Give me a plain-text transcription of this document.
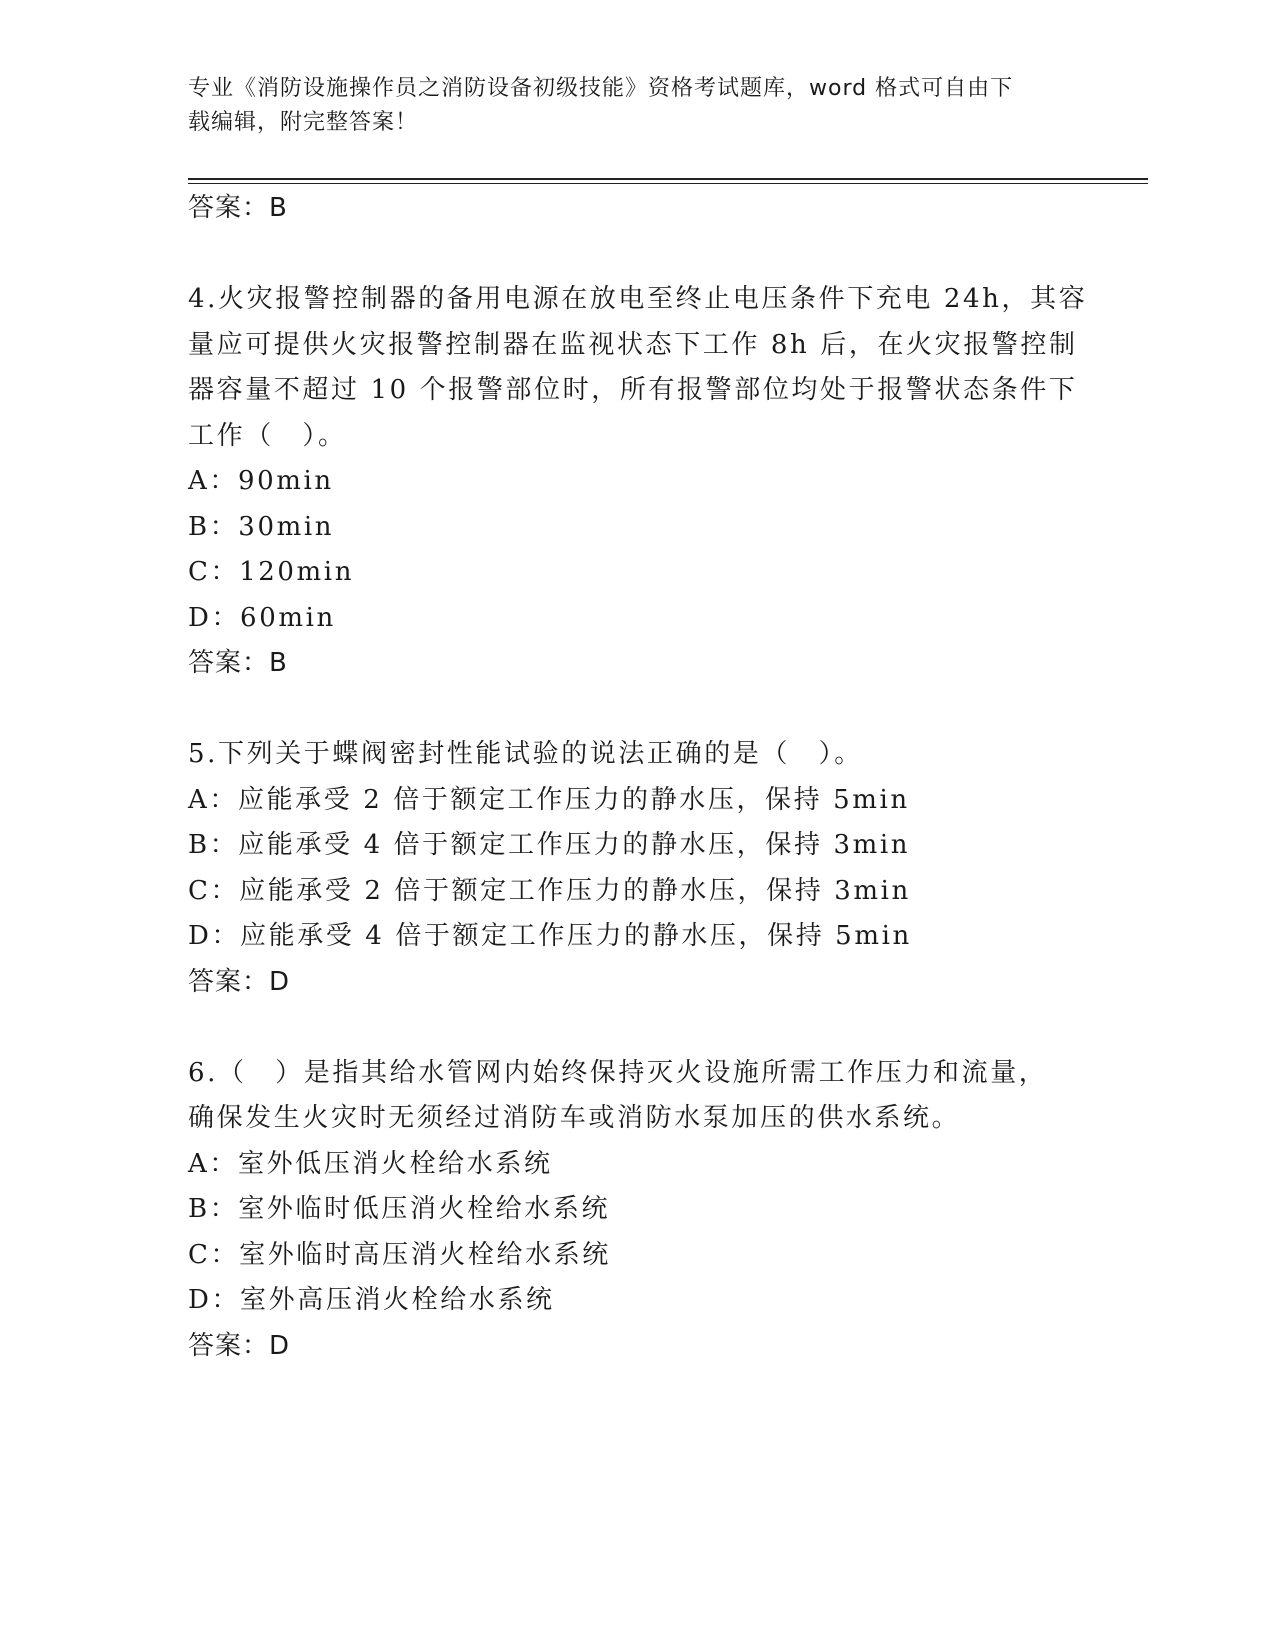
专业《消防设施操作员之消防设备初级技能》资格考试题库，word 格式可自由下
载编辑，附完整答案！
答案：B
4.火灾报警控制器的备用电源在放电至终止电压条件下充电 24h，其容
量应可提供火灾报警控制器在监视状态下工作 8h 后，在火灾报警控制
器容量不超过 10 个报警部位时，所有报警部位均处于报警状态条件下
工作（　）。
A：90min
B：30min
C：120min
D：60min
答案：B
5.下列关于蝶阀密封性能试验的说法正确的是（　）。
A：应能承受 2 倍于额定工作压力的静水压，保持 5min
B：应能承受 4 倍于额定工作压力的静水压，保持 3min
C：应能承受 2 倍于额定工作压力的静水压，保持 3min
D：应能承受 4 倍于额定工作压力的静水压，保持 5min
答案：D
6.（　）是指其给水管网内始终保持灭火设施所需工作压力和流量，
确保发生火灾时无须经过消防车或消防水泵加压的供水系统。
A：室外低压消火栓给水系统
B：室外临时低压消火栓给水系统
C：室外临时高压消火栓给水系统
D：室外高压消火栓给水系统
答案：D
